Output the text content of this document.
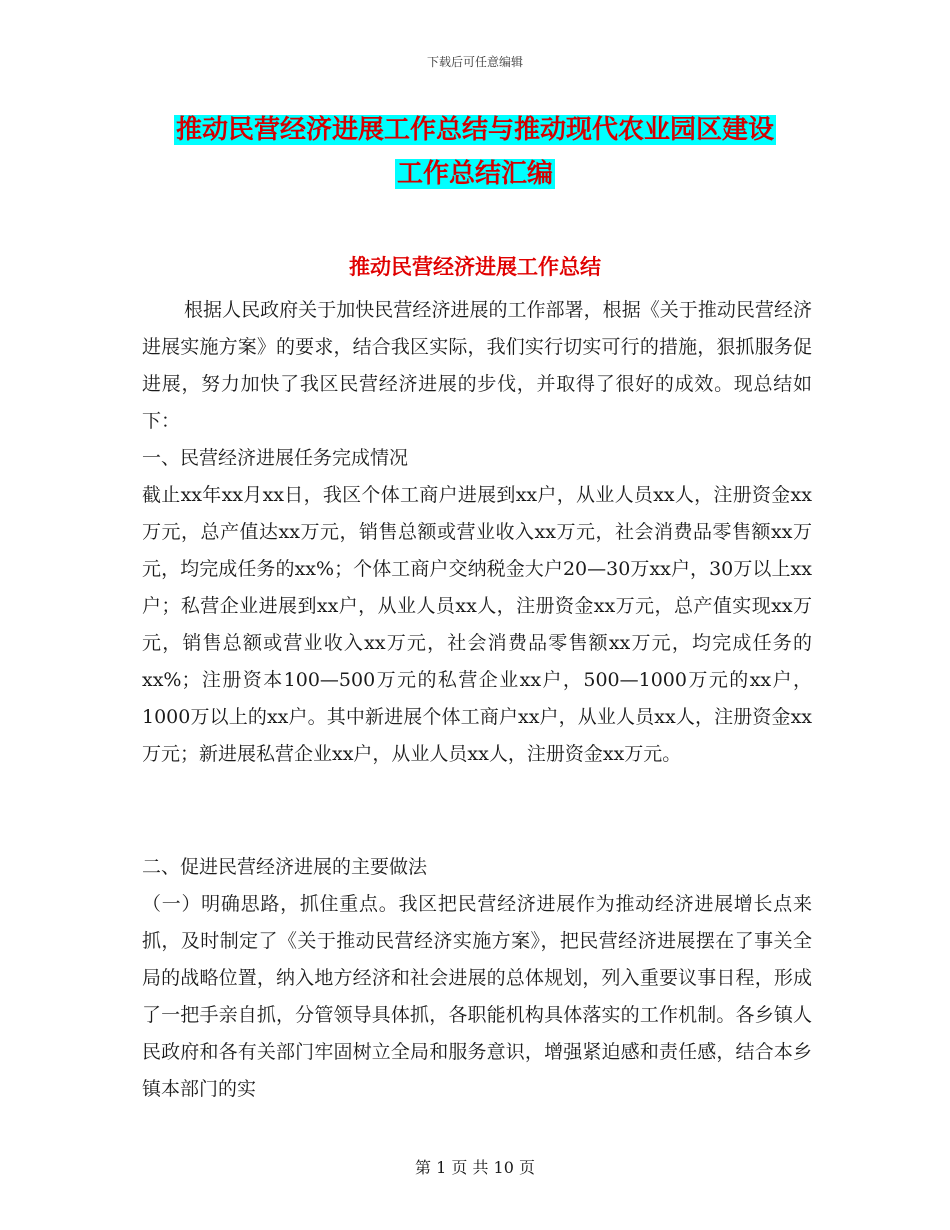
下载后可任意编辑
推动民营经济进展工作总结与推动现代农业园区建设
工作总结汇编
推动民营经济进展工作总结

根据人民政府关于加快民营经济进展的工作部署，根据《关于推动民营经济进展实施方案》的要求，结合我区实际，我们实行切实可行的措施，狠抓服务促进展，努力加快了我区民营经济进展的步伐，并取得了很好的成效。现总结如下：

一、民营经济进展任务完成情况

截止xx年xx月xx日，我区个体工商户进展到xx户，从业人员xx人，注册资金xx万元，总产值达xx万元，销售总额或营业收入xx万元，社会消费品零售额xx万元，均完成任务的xx%；个体工商户交纳税金大户20—30万xx户，30万以上xx户；私营企业进展到xx户，从业人员xx人，注册资金xx万元，总产值实现xx万元，销售总额或营业收入xx万元，社会消费品零售额xx万元，均完成任务的xx%；注册资本100—500万元的私营企业xx户，500—1000万元的xx户，1000万以上的xx户。其中新进展个体工商户xx户，从业人员xx人，注册资金xx万元；新进展私营企业xx户，从业人员xx人，注册资金xx万元。

二、促进民营经济进展的主要做法

（一）明确思路，抓住重点。我区把民营经济进展作为推动经济进展增长点来抓，及时制定了《关于推动民营经济实施方案》，把民营经济进展摆在了事关全局的战略位置，纳入地方经济和社会进展的总体规划，列入重要议事日程，形成了一把手亲自抓，分管领导具体抓，各职能机构具体落实的工作机制。各乡镇人民政府和各有关部门牢固树立全局和服务意识，增强紧迫感和责任感，结合本乡镇本部门的实

第 1 页 共 10 页
